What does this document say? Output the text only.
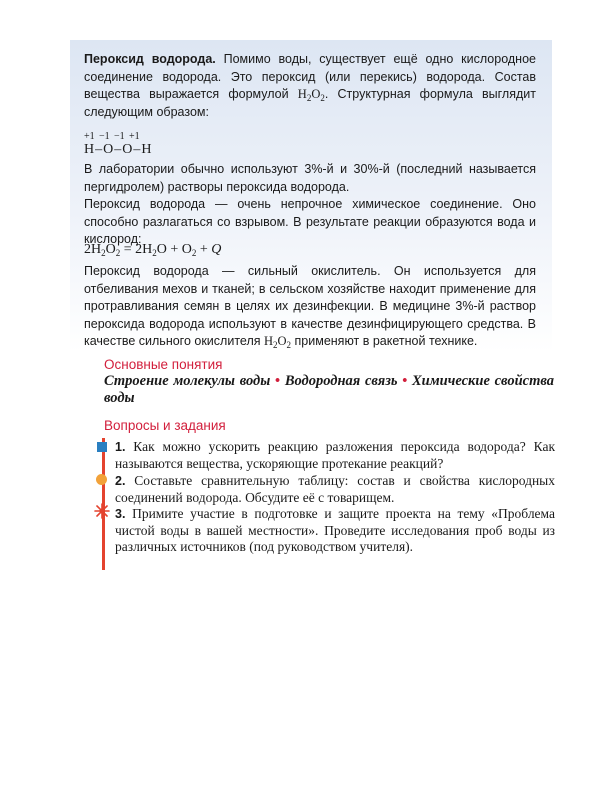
Пероксид водорода. Помимо воды, существует ещё одно кислородное соединение водорода. Это пероксид (или перекись) водорода. Состав вещества выражается формулой $H_2O_2$. Структурная формула выглядит следующим образом:

+1 −1 −1 +1
H–O–O–H

В лаборатории обычно используют 3%-й и 30%-й (последний называется пергидролем) растворы пероксида водорода.

Пероксид водорода — очень непрочное химическое соединение. Оно способно разлагаться со взрывом. В результате реакции образуются вода и кислород:

$2H_2O_2 = 2H_2O + O_2 + Q$

Пероксид водорода — сильный окислитель. Он используется для отбеливания мехов и тканей; в сельском хозяйстве находит применение для протравливания семян в целях их дезинфекции. В медицине 3%-й раствор пероксида водорода используют в качестве дезинфицирующего средства. В качестве сильного окислителя $H_2O_2$ применяют в ракетной технике.

Основные понятия
Строение молекулы воды • Водородная связь • Химические свойства воды
Вопросы и задания

1. Как можно ускорить реакцию разложения пероксида водорода? Как называются вещества, ускоряющие протекание реакций?

2. Составьте сравнительную таблицу: состав и свойства кислородных соединений водорода. Обсудите её с товарищем.

3. Примите участие в подготовке и защите проекта на тему «Проблема чистой воды в вашей местности». Проведите исследования проб воды из различных источников (под руководством учителя).
